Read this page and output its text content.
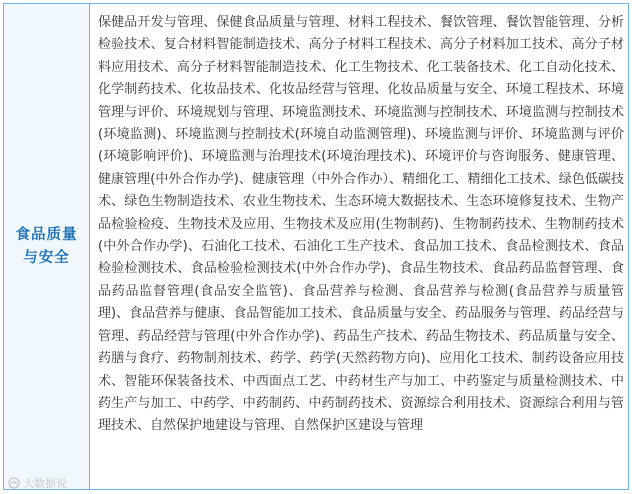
食品质量
与安全
保健品开发与管理、保健食品质量与管理、材料工程技术、餐饮管理、餐饮智能管理、分析检验技术、复合材料智能制造技术、高分子材料工程技术、高分子材料加工技术、高分子材料应用技术、高分子材料智能制造技术、化工生物技术、化工装备技术、化工自动化技术、化学制药技术、化妆品技术、化妆品经营与管理、化妆品质量与安全、环境工程技术、环境管理与评价、环境规划与管理、环境监测技术、环境监测与控制技术、环境监测与控制技术(环境监测)、环境监测与控制技术(环境自动监测管理)、环境监测与评价、环境监测与评价(环境影响评价)、环境监测与治理技术(环境治理技术)、环境评价与咨询服务、健康管理、健康管理(中外合作办学)、健康管理（中外合作办）、精细化工、精细化工技术、绿色低碳技术、绿色生物制造技术、农业生物技术、生态环境大数据技术、生态环境修复技术、生物产品检验检疫、生物技术及应用、生物技术及应用(生物制药)、生物制药技术、生物制药技术(中外合作办学)、石油化工技术、石油化工生产技术、食品加工技术、食品检测技术、食品检验检测技术、食品检验检测技术(中外合作办学)、食品生物技术、食品药品监督管理、食品药品监督管理(食品安全监管)、食品营养与检测、食品营养与检测(食品营养与质量管理)、食品营养与健康、食品智能加工技术、食品质量与安全、药品服务与管理、药品经营与管理、药品经营与管理(中外合作办学)、药品生产技术、药品生物技术、药品质量与安全、药膳与食疗、药物制剂技术、药学、药学(天然药物方向)、应用化工技术、制药设备应用技术、智能环保装备技术、中西面点工艺、中药材生产与加工、中药鉴定与质量检测技术、中药生产与加工、中药学、中药制药、中药制药技术、资源综合利用技术、资源综合利用与管理技术、自然保护地建设与管理、自然保护区建设与管理
大数据说
